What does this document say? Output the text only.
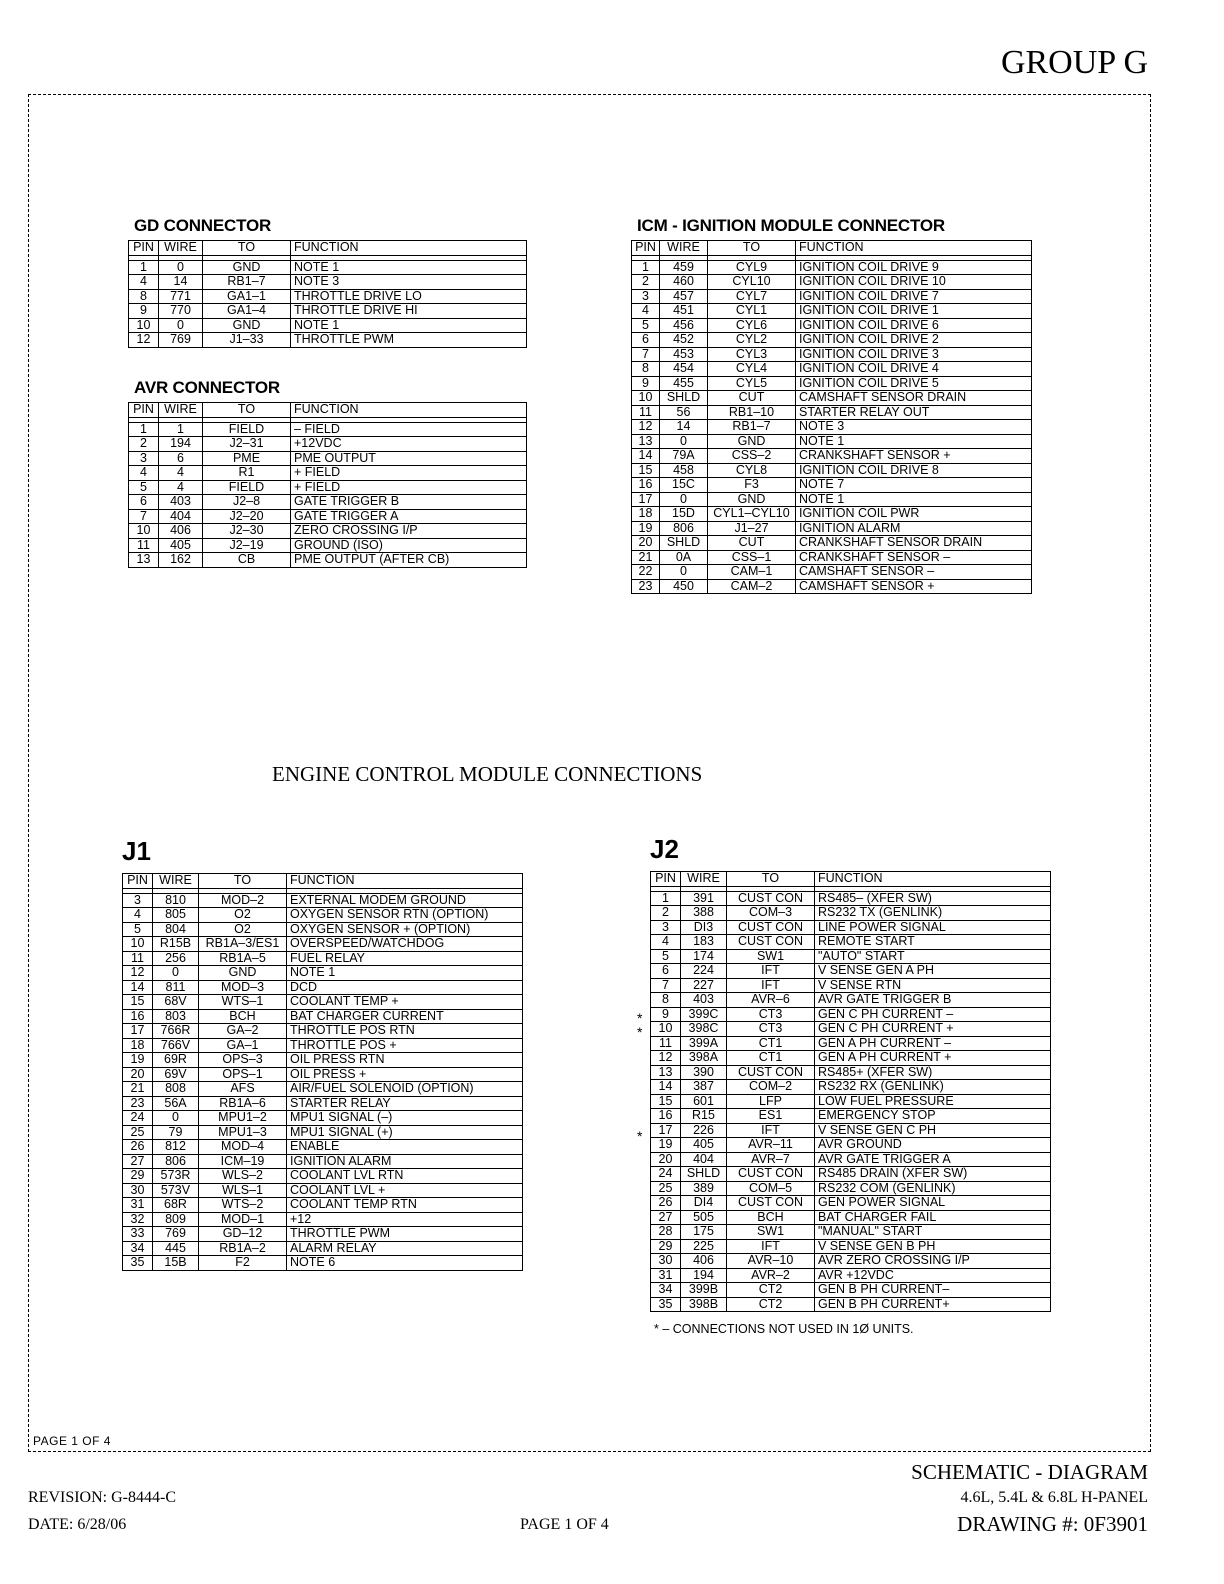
GROUP G
PAGE 1 OF 4
GD CONNECTOR
PIN	WIRE	TO	FUNCTION

1	0	GND	NOTE 1
4	14	RB1–7	NOTE 3
8	771	GA1–1	THROTTLE DRIVE LO
9	770	GA1–4	THROTTLE DRIVE HI
10	0	GND	NOTE 1
12	769	J1–33	THROTTLE PWM
AVR CONNECTOR
PIN	WIRE	TO	FUNCTION

1	1	FIELD	– FIELD
2	194	J2–31	+12VDC
3	6	PME	PME OUTPUT
4	4	R1	+ FIELD
5	4	FIELD	+ FIELD
6	403	J2–8	GATE TRIGGER B
7	404	J2–20	GATE TRIGGER A
10	406	J2–30	ZERO CROSSING I/P
11	405	J2–19	GROUND (ISO)
13	162	CB	PME OUTPUT (AFTER CB)
ICM - IGNITION MODULE CONNECTOR
PIN	WIRE	TO	FUNCTION

1	459	CYL9	IGNITION COIL DRIVE 9
2	460	CYL10	IGNITION COIL DRIVE 10
3	457	CYL7	IGNITION COIL DRIVE 7
4	451	CYL1	IGNITION COIL DRIVE 1
5	456	CYL6	IGNITION COIL DRIVE 6
6	452	CYL2	IGNITION COIL DRIVE 2
7	453	CYL3	IGNITION COIL DRIVE 3
8	454	CYL4	IGNITION COIL DRIVE 4
9	455	CYL5	IGNITION COIL DRIVE 5
10	SHLD	CUT	CAMSHAFT SENSOR DRAIN
11	56	RB1–10	STARTER RELAY OUT
12	14	RB1–7	NOTE 3
13	0	GND	NOTE 1
14	79A	CSS–2	CRANKSHAFT SENSOR +
15	458	CYL8	IGNITION COIL DRIVE 8
16	15C	F3	NOTE 7
17	0	GND	NOTE 1
18	15D	CYL1–CYL10	IGNITION COIL PWR
19	806	J1–27	IGNITION ALARM
20	SHLD	CUT	CRANKSHAFT SENSOR DRAIN
21	0A	CSS–1	CRANKSHAFT SENSOR –
22	0	CAM–1	CAMSHAFT SENSOR –
23	450	CAM–2	CAMSHAFT SENSOR +
ENGINE CONTROL MODULE CONNECTIONS
J1
PIN	WIRE	TO	FUNCTION

3	810	MOD–2	EXTERNAL MODEM GROUND
4	805	O2	OXYGEN SENSOR RTN (OPTION)
5	804	O2	OXYGEN SENSOR + (OPTION)
10	R15B	RB1A–3/ES1	OVERSPEED/WATCHDOG
11	256	RB1A–5	FUEL RELAY
12	0	GND	NOTE 1
14	811	MOD–3	DCD
15	68V	WTS–1	COOLANT TEMP +
16	803	BCH	BAT CHARGER CURRENT
17	766R	GA–2	THROTTLE POS RTN
18	766V	GA–1	THROTTLE POS +
19	69R	OPS–3	OIL PRESS RTN
20	69V	OPS–1	OIL PRESS +
21	808	AFS	AIR/FUEL SOLENOID (OPTION)
23	56A	RB1A–6	STARTER RELAY
24	0	MPU1–2	MPU1 SIGNAL (–)
25	79	MPU1–3	MPU1 SIGNAL (+)
26	812	MOD–4	ENABLE
27	806	ICM–19	IGNITION ALARM
29	573R	WLS–2	COOLANT LVL RTN
30	573V	WLS–1	COOLANT LVL +
31	68R	WTS–2	COOLANT TEMP RTN
32	809	MOD–1	+12
33	769	GD–12	THROTTLE PWM
34	445	RB1A–2	ALARM RELAY
35	15B	F2	NOTE 6
J2
PIN	WIRE	TO	FUNCTION

1	391	CUST CON	RS485– (XFER SW)
2	388	COM–3	RS232 TX (GENLINK)
3	DI3	CUST CON	LINE POWER SIGNAL
4	183	CUST CON	REMOTE START
5	174	SW1	"AUTO" START
6	224	IFT	V SENSE GEN A PH
7	227	IFT	V SENSE RTN
8	403	AVR–6	AVR GATE TRIGGER B
9	399C	CT3	GEN C PH CURRENT –
10	398C	CT3	GEN C PH CURRENT +
11	399A	CT1	GEN A PH CURRENT –
12	398A	CT1	GEN A PH CURRENT +
13	390	CUST CON	RS485+ (XFER SW)
14	387	COM–2	RS232 RX (GENLINK)
15	601	LFP	LOW FUEL PRESSURE
16	R15	ES1	EMERGENCY STOP
17	226	IFT	V SENSE GEN C PH
19	405	AVR–11	AVR GROUND
20	404	AVR–7	AVR GATE TRIGGER A
24	SHLD	CUST CON	RS485 DRAIN (XFER SW)
25	389	COM–5	RS232 COM (GENLINK)
26	DI4	CUST CON	GEN POWER SIGNAL
27	505	BCH	BAT CHARGER FAIL
28	175	SW1	"MANUAL" START
29	225	IFT	V SENSE GEN B PH
30	406	AVR–10	AVR ZERO CROSSING I/P
31	194	AVR–2	AVR +12VDC
34	399B	CT2	GEN B PH CURRENT–
35	398B	CT2	GEN B PH CURRENT+
*
*
*
* – CONNECTIONS NOT USED IN 1Ø UNITS.
REVISION: G-8444-C
DATE: 6/28/06	PAGE 1 OF 4
SCHEMATIC - DIAGRAM
4.6L, 5.4L & 6.8L H-PANEL
DRAWING #: 0F3901
